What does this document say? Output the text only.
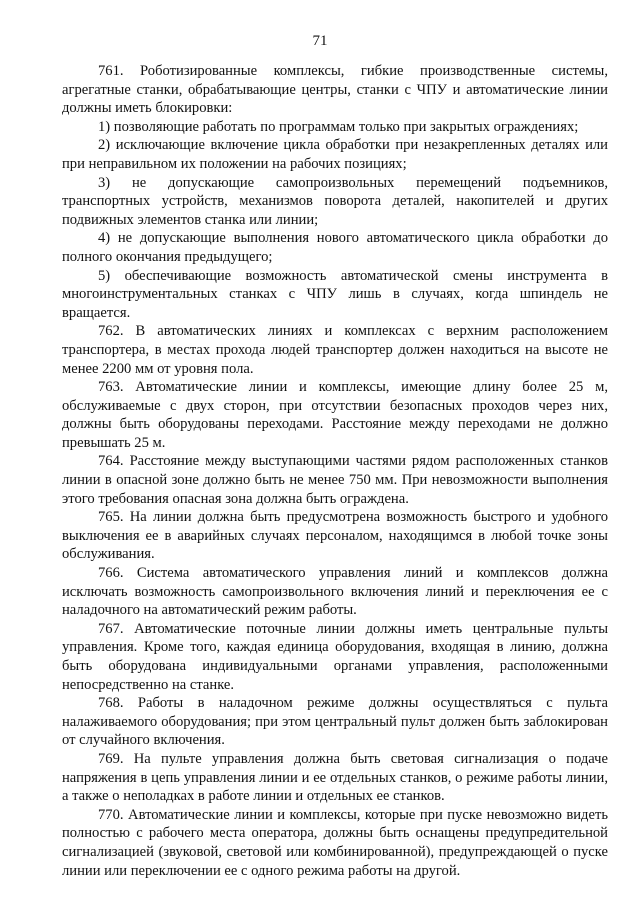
71

761. Роботизированные комплексы, гибкие производственные системы, агрегатные станки, обрабатывающие центры, станки с ЧПУ и автоматические линии должны иметь блокировки:

1) позволяющие работать по программам только при закрытых ограждениях;

2) исключающие включение цикла обработки при незакрепленных деталях или при неправильном их положении на рабочих позициях;

3) не допускающие самопроизвольных перемещений подъемников, транспортных устройств, механизмов поворота деталей, накопителей и других подвижных элементов станка или линии;

4) не допускающие выполнения нового автоматического цикла обработки до полного окончания предыдущего;

5) обеспечивающие возможность автоматической смены инструмента в многоинструментальных станках с ЧПУ лишь в случаях, когда шпиндель не вращается.

762. В автоматических линиях и комплексах с верхним расположением транспортера, в местах прохода людей транспортер должен находиться на высоте не менее 2200 мм от уровня пола.

763. Автоматические линии и комплексы, имеющие длину более 25 м, обслуживаемые с двух сторон, при отсутствии безопасных проходов через них, должны быть оборудованы переходами. Расстояние между переходами не должно превышать 25 м.

764. Расстояние между выступающими частями рядом расположенных станков линии в опасной зоне должно быть не менее 750 мм. При невозможности выполнения этого требования опасная зона должна быть ограждена.

765. На линии должна быть предусмотрена возможность быстрого и удобного выключения ее в аварийных случаях персоналом, находящимся в любой точке зоны обслуживания.

766. Система автоматического управления линий и комплексов должна исключать возможность самопроизвольного включения линий и переключения ее с наладочного на автоматический режим работы.

767. Автоматические поточные линии должны иметь центральные пульты управления. Кроме того, каждая единица оборудования, входящая в линию, должна быть оборудована индивидуальными органами управления, расположенными непосредственно на станке.

768. Работы в наладочном режиме должны осуществляться с пульта налаживаемого оборудования; при этом центральный пульт должен быть заблокирован от случайного включения.

769. На пульте управления должна быть световая сигнализация о подаче напряжения в цепь управления линии и ее отдельных станков, о режиме работы линии, а также о неполадках в работе линии и отдельных ее станков.

770. Автоматические линии и комплексы, которые при пуске невозможно видеть полностью с рабочего места оператора, должны быть оснащены предупредительной сигнализацией (звуковой, световой или комбинированной), предупреждающей о пуске линии или переключении ее с одного режима работы на другой.
